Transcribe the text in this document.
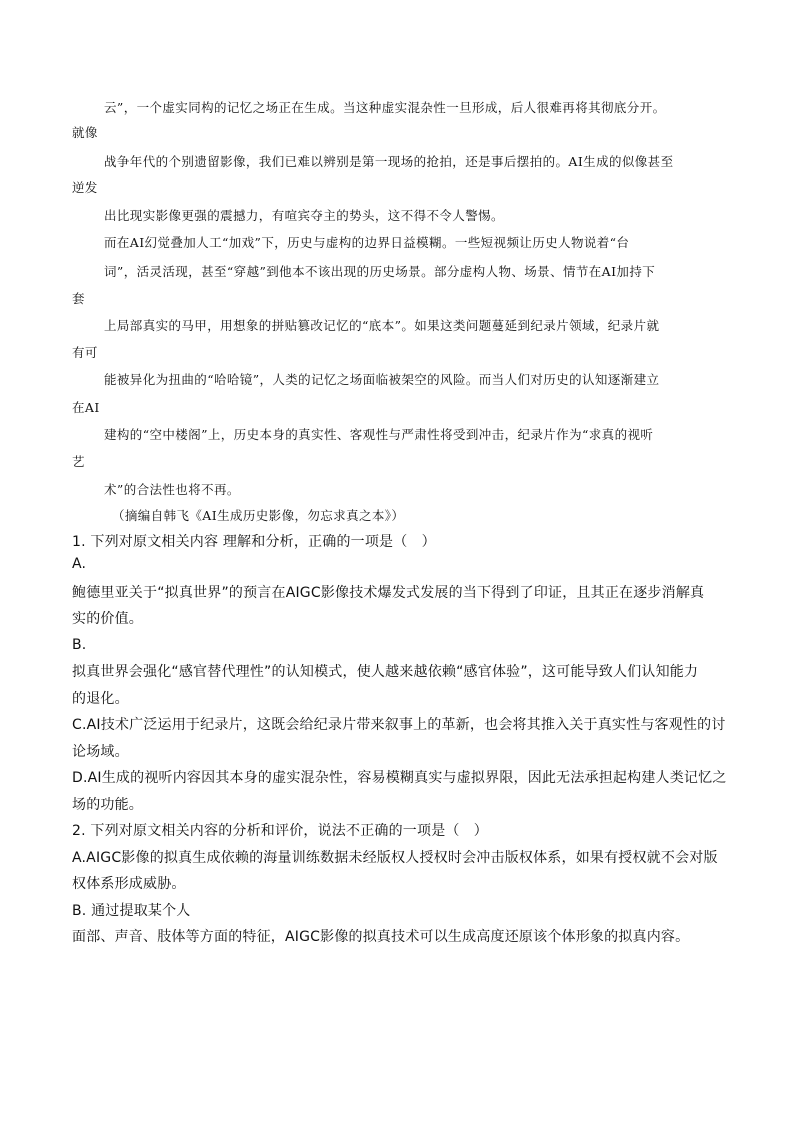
云”，一个虚实同构的记忆之场正在生成。当这种虚实混杂性一旦形成，后人很难再将其彻底分开。
就像
战争年代的个别遗留影像，我们已难以辨别是第一现场的抢拍，还是事后摆拍的。AI生成的似像甚至
逆发
出比现实影像更强的震撼力，有喧宾夺主的势头，这不得不令人警惕。
而在AI幻觉叠加人工“加戏”下，历史与虚构的边界日益模糊。一些短视频让历史人物说着“台
词”，活灵活现，甚至“穿越”到他本不该出现的历史场景。部分虚构人物、场景、情节在AI加持下
套
上局部真实的马甲，用想象的拼贴篡改记忆的“底本”。如果这类问题蔓延到纪录片领域，纪录片就
有可
能被异化为扭曲的“哈哈镜”，人类的记忆之场面临被架空的风险。而当人们对历史的认知逐渐建立
在AI
建构的“空中楼阁”上，历史本身的真实性、客观性与严肃性将受到冲击，纪录片作为“求真的视听
艺
术”的合法性也将不再。
（摘编自韩飞《AI生成历史影像，勿忘求真之本》）
1. 下列对原文相关内容 理解和分析，正确的一项是（　）
A.
鲍德里亚关于“拟真世界”的预言在AIGC影像技术爆发式发展的当下得到了印证，且其正在逐步消解真
实的价值。
B.
拟真世界会强化“感官替代理性”的认知模式，使人越来越依赖“感官体验”，这可能导致人们认知能力
的退化。
C.AI技术广泛运用于纪录片，这既会给纪录片带来叙事上的革新，也会将其推入关于真实性与客观性的讨
论场域。
D.AI生成的视听内容因其本身的虚实混杂性，容易模糊真实与虚拟界限，因此无法承担起构建人类记忆之
场的功能。
2. 下列对原文相关内容的分析和评价，说法不正确的一项是（　）
A.AIGC影像的拟真生成依赖的海量训练数据未经版权人授权时会冲击版权体系，如果有授权就不会对版
权体系形成威胁。
B. 通过提取某个人
面部、声音、肢体等方面的特征，AIGC影像的拟真技术可以生成高度还原该个体形象的拟真内容。
